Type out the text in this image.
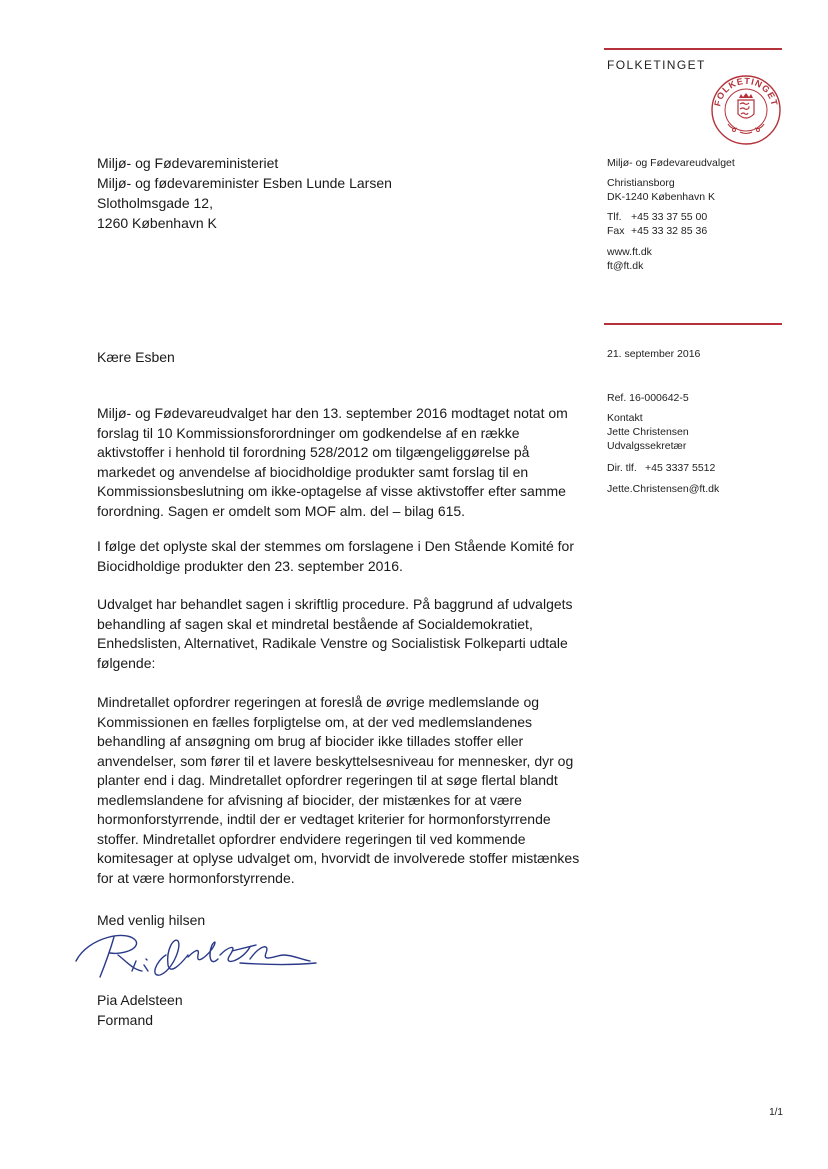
FOLKETINGET
FOLKETINGET
Miljø- og Fødevareudvalget
Christiansborg
DK-1240 København K
Tlf. +45 33 37 55 00
Fax +45 33 32 85 36
www.ft.dk
ft@ft.dk
21. september 2016
Ref. 16-000642-5
Kontakt
Jette Christensen
Udvalgssekretær
Dir. tlf. +45 3337 5512
Jette.Christensen@ft.dk
Miljø- og Fødevareministeriet
Miljø- og fødevareminister Esben Lunde Larsen
Slotholmsgade 12,
1260 København K
Kære Esben

Miljø- og Fødevareudvalget har den 13. september 2016 modtaget notat om forslag til 10 Kommissionsforordninger om godkendelse af en række aktivstoffer i henhold til forordning 528/2012 om tilgængeliggørelse på markedet og anvendelse af biocidholdige produkter samt forslag til en Kommissionsbeslutning om ikke-optagelse af visse aktivstoffer efter samme forordning. Sagen er omdelt som MOF alm. del – bilag 615.

I følge det oplyste skal der stemmes om forslagene i Den Stående Komité for Biocidholdige produkter den 23. september 2016.

Udvalget har behandlet sagen i skriftlig procedure. På baggrund af udvalgets behandling af sagen skal et mindretal bestående af Socialdemokratiet, Enhedslisten, Alternativet, Radikale Venstre og Socialistisk Folkeparti udtale følgende:

Mindretallet opfordrer regeringen at foreslå de øvrige medlemslande og Kommissionen en fælles forpligtelse om, at der ved medlemslandenes behandling af ansøgning om brug af biocider ikke tillades stoffer eller anvendelser, som fører til et lavere beskyttelsesniveau for mennesker, dyr og planter end i dag. Mindretallet opfordrer regeringen til at søge flertal blandt medlemslandene for afvisning af biocider, der mistænkes for at være hormonforstyrrende, indtil der er vedtaget kriterier for hormonforstyrrende stoffer. Mindretallet opfordrer endvidere regeringen til ved kommende komitesager at oplyse udvalget om, hvorvidt de involverede stoffer mistænkes for at være hormonforstyrrende.

Med venlig hilsen
Pia Adelsteen
Formand
1/1
